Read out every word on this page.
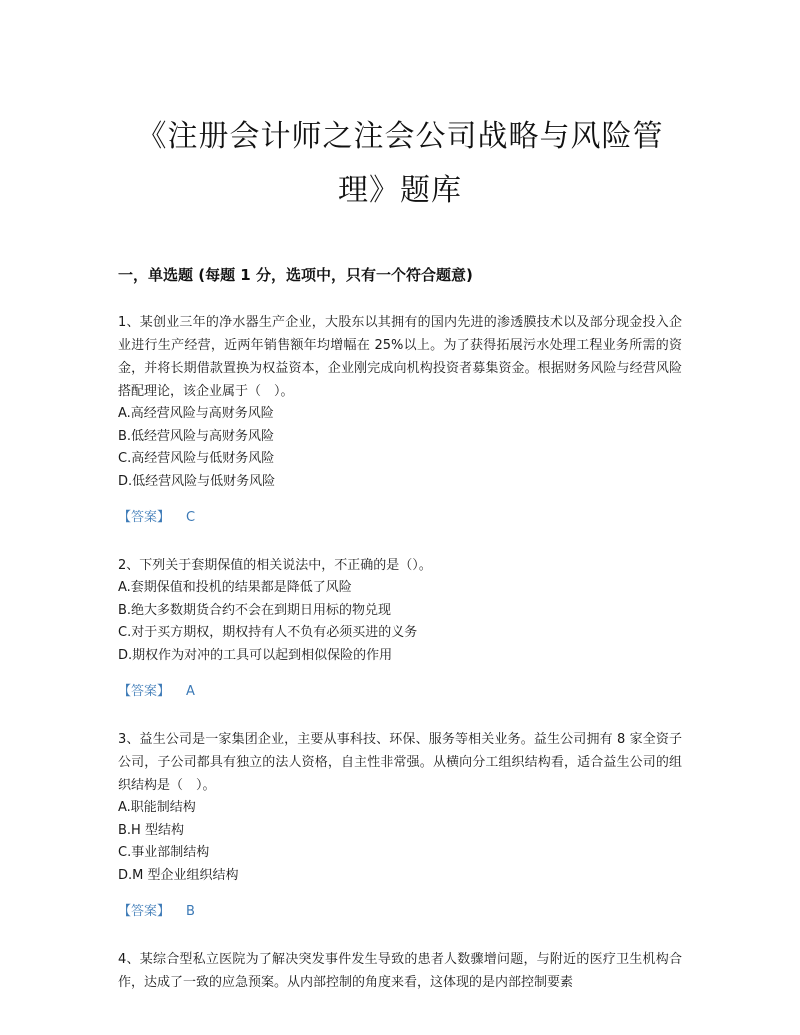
《注册会计师之注会公司战略与风险管理》题库
一，单选题 (每题 1 分，选项中，只有一个符合题意)

1、某创业三年的净水器生产企业，大股东以其拥有的国内先进的渗透膜技术以及部分现金投入企业进行生产经营，近两年销售额年均增幅在 25%以上。为了获得拓展污水处理工程业务所需的资金，并将长期借款置换为权益资本，企业刚完成向机构投资者募集资金。根据财务风险与经营风险搭配理论，该企业属于（　）。

A.高经营风险与高财务风险

B.低经营风险与高财务风险

C.高经营风险与低财务风险

D.低经营风险与低财务风险

【答案】 C

2、下列关于套期保值的相关说法中，不正确的是（）。

A.套期保值和投机的结果都是降低了风险

B.绝大多数期货合约不会在到期日用标的物兑现

C.对于买方期权，期权持有人不负有必须买进的义务

D.期权作为对冲的工具可以起到相似保险的作用

【答案】 A

3、益生公司是一家集团企业，主要从事科技、环保、服务等相关业务。益生公司拥有 8 家全资子公司，子公司都具有独立的法人资格，自主性非常强。从横向分工组织结构看，适合益生公司的组织结构是（　）。

A.职能制结构

B.H 型结构

C.事业部制结构

D.M 型企业组织结构

【答案】 B

4、某综合型私立医院为了解决突发事件发生导致的患者人数骤增问题，与附近的医疗卫生机构合作，达成了一致的应急预案。从内部控制的角度来看，这体现的是内部控制要素
